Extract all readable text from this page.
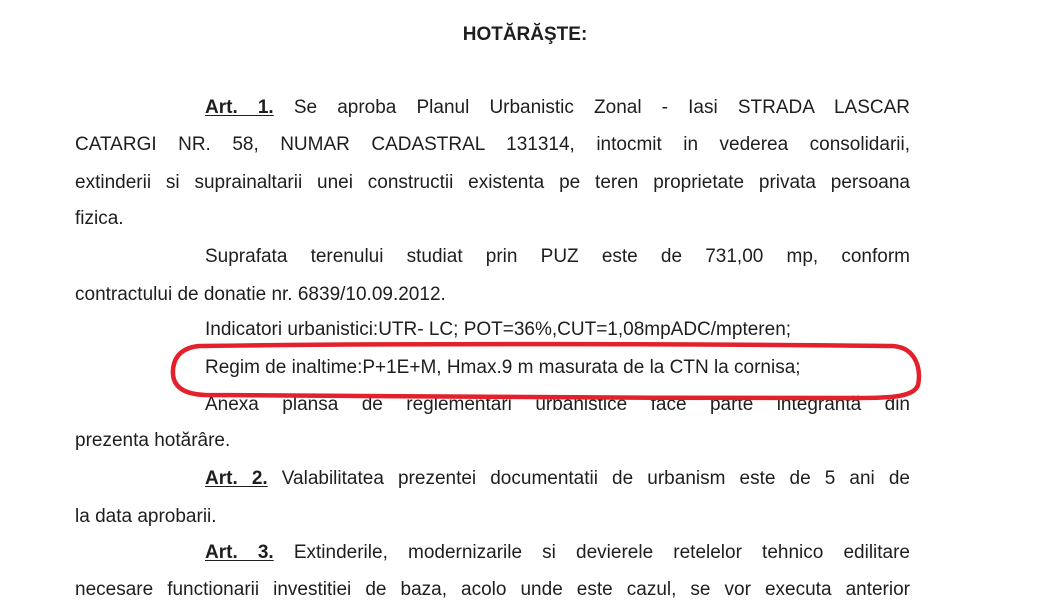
HOTĂRĂŞTE:
Art. 1. Se aproba Planul Urbanistic Zonal - Iasi STRADA LASCAR
CATARGI NR. 58, NUMAR CADASTRAL 131314, intocmit in vederea consolidarii,
extinderii si suprainaltarii unei constructii existenta pe teren proprietate privata persoana
fizica.
Suprafata terenului studiat prin PUZ este de 731,00 mp, conform
contractului de donatie nr. 6839/10.09.2012.
Indicatori urbanistici:UTR- LC; POT=36%,CUT=1,08mpADC/mpteren;
Regim de inaltime:P+1E+M, Hmax.9 m masurata de la CTN la cornisa;
Anexa plansa de reglementari urbanistice face parte integrantă din
prezenta hotărâre.
Art. 2. Valabilitatea prezentei documentatii de urbanism este de 5 ani de
la data aprobarii.
Art. 3. Extinderile, modernizarile si devierele retelelor tehnico edilitare
necesare functionarii investitiei de baza, acolo unde este cazul, se vor executa anterior
